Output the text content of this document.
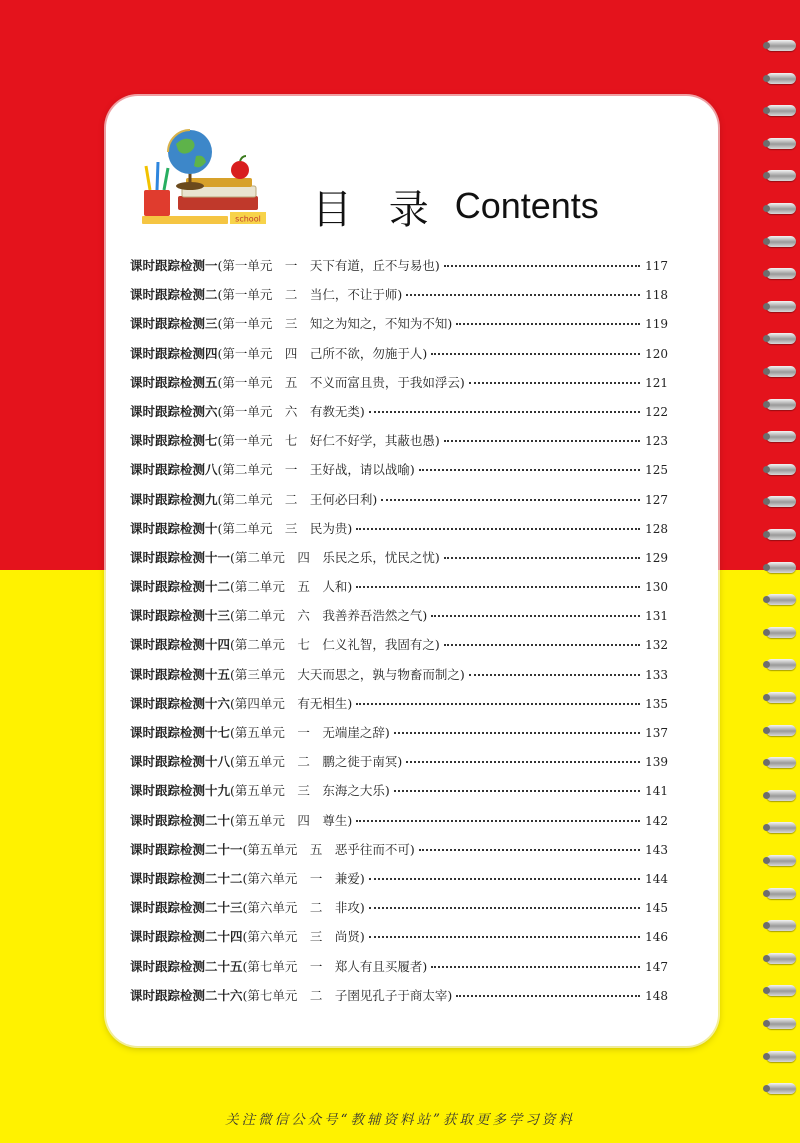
school 目 录 Contents
课时跟踪检测一 (第一单元　一　天下有道，丘不与易也)	117
课时跟踪检测二 (第一单元　二　当仁，不让于师)	118
课时跟踪检测三 (第一单元　三　知之为知之，不知为不知)	119
课时跟踪检测四 (第一单元　四　己所不欲，勿施于人)	120
课时跟踪检测五 (第一单元　五　不义而富且贵，于我如浮云)	121
课时跟踪检测六 (第一单元　六　有教无类)	122
课时跟踪检测七 (第一单元　七　好仁不好学，其蔽也愚)	123
课时跟踪检测八 (第二单元　一　王好战，请以战喻)	125
课时跟踪检测九 (第二单元　二　王何必曰利)	127
课时跟踪检测十 (第二单元　三　民为贵)	128
课时跟踪检测十一 (第二单元　四　乐民之乐，忧民之忧)	129
课时跟踪检测十二 (第二单元　五　人和)	130
课时跟踪检测十三 (第二单元　六　我善养吾浩然之气)	131
课时跟踪检测十四 (第二单元　七　仁义礼智，我固有之)	132
课时跟踪检测十五 (第三单元　大天而思之，孰与物畜而制之)	133
课时跟踪检测十六 (第四单元　有无相生)	135
课时跟踪检测十七 (第五单元　一　无端崖之辞)	137
课时跟踪检测十八 (第五单元　二　鹏之徙于南冥)	139
课时跟踪检测十九 (第五单元　三　东海之大乐)	141
课时跟踪检测二十 (第五单元　四　尊生)	142
课时跟踪检测二十一 (第五单元　五　恶乎往而不可)	143
课时跟踪检测二十二 (第六单元　一　兼爱)	144
课时跟踪检测二十三 (第六单元　二　非攻)	145
课时跟踪检测二十四 (第六单元　三　尚贤)	146
课时跟踪检测二十五 (第七单元　一　郑人有且买履者)	147
课时跟踪检测二十六 (第七单元　二　子圉见孔子于商太宰)	148
关注微信公众号“教辅资料站”获取更多学习资料
